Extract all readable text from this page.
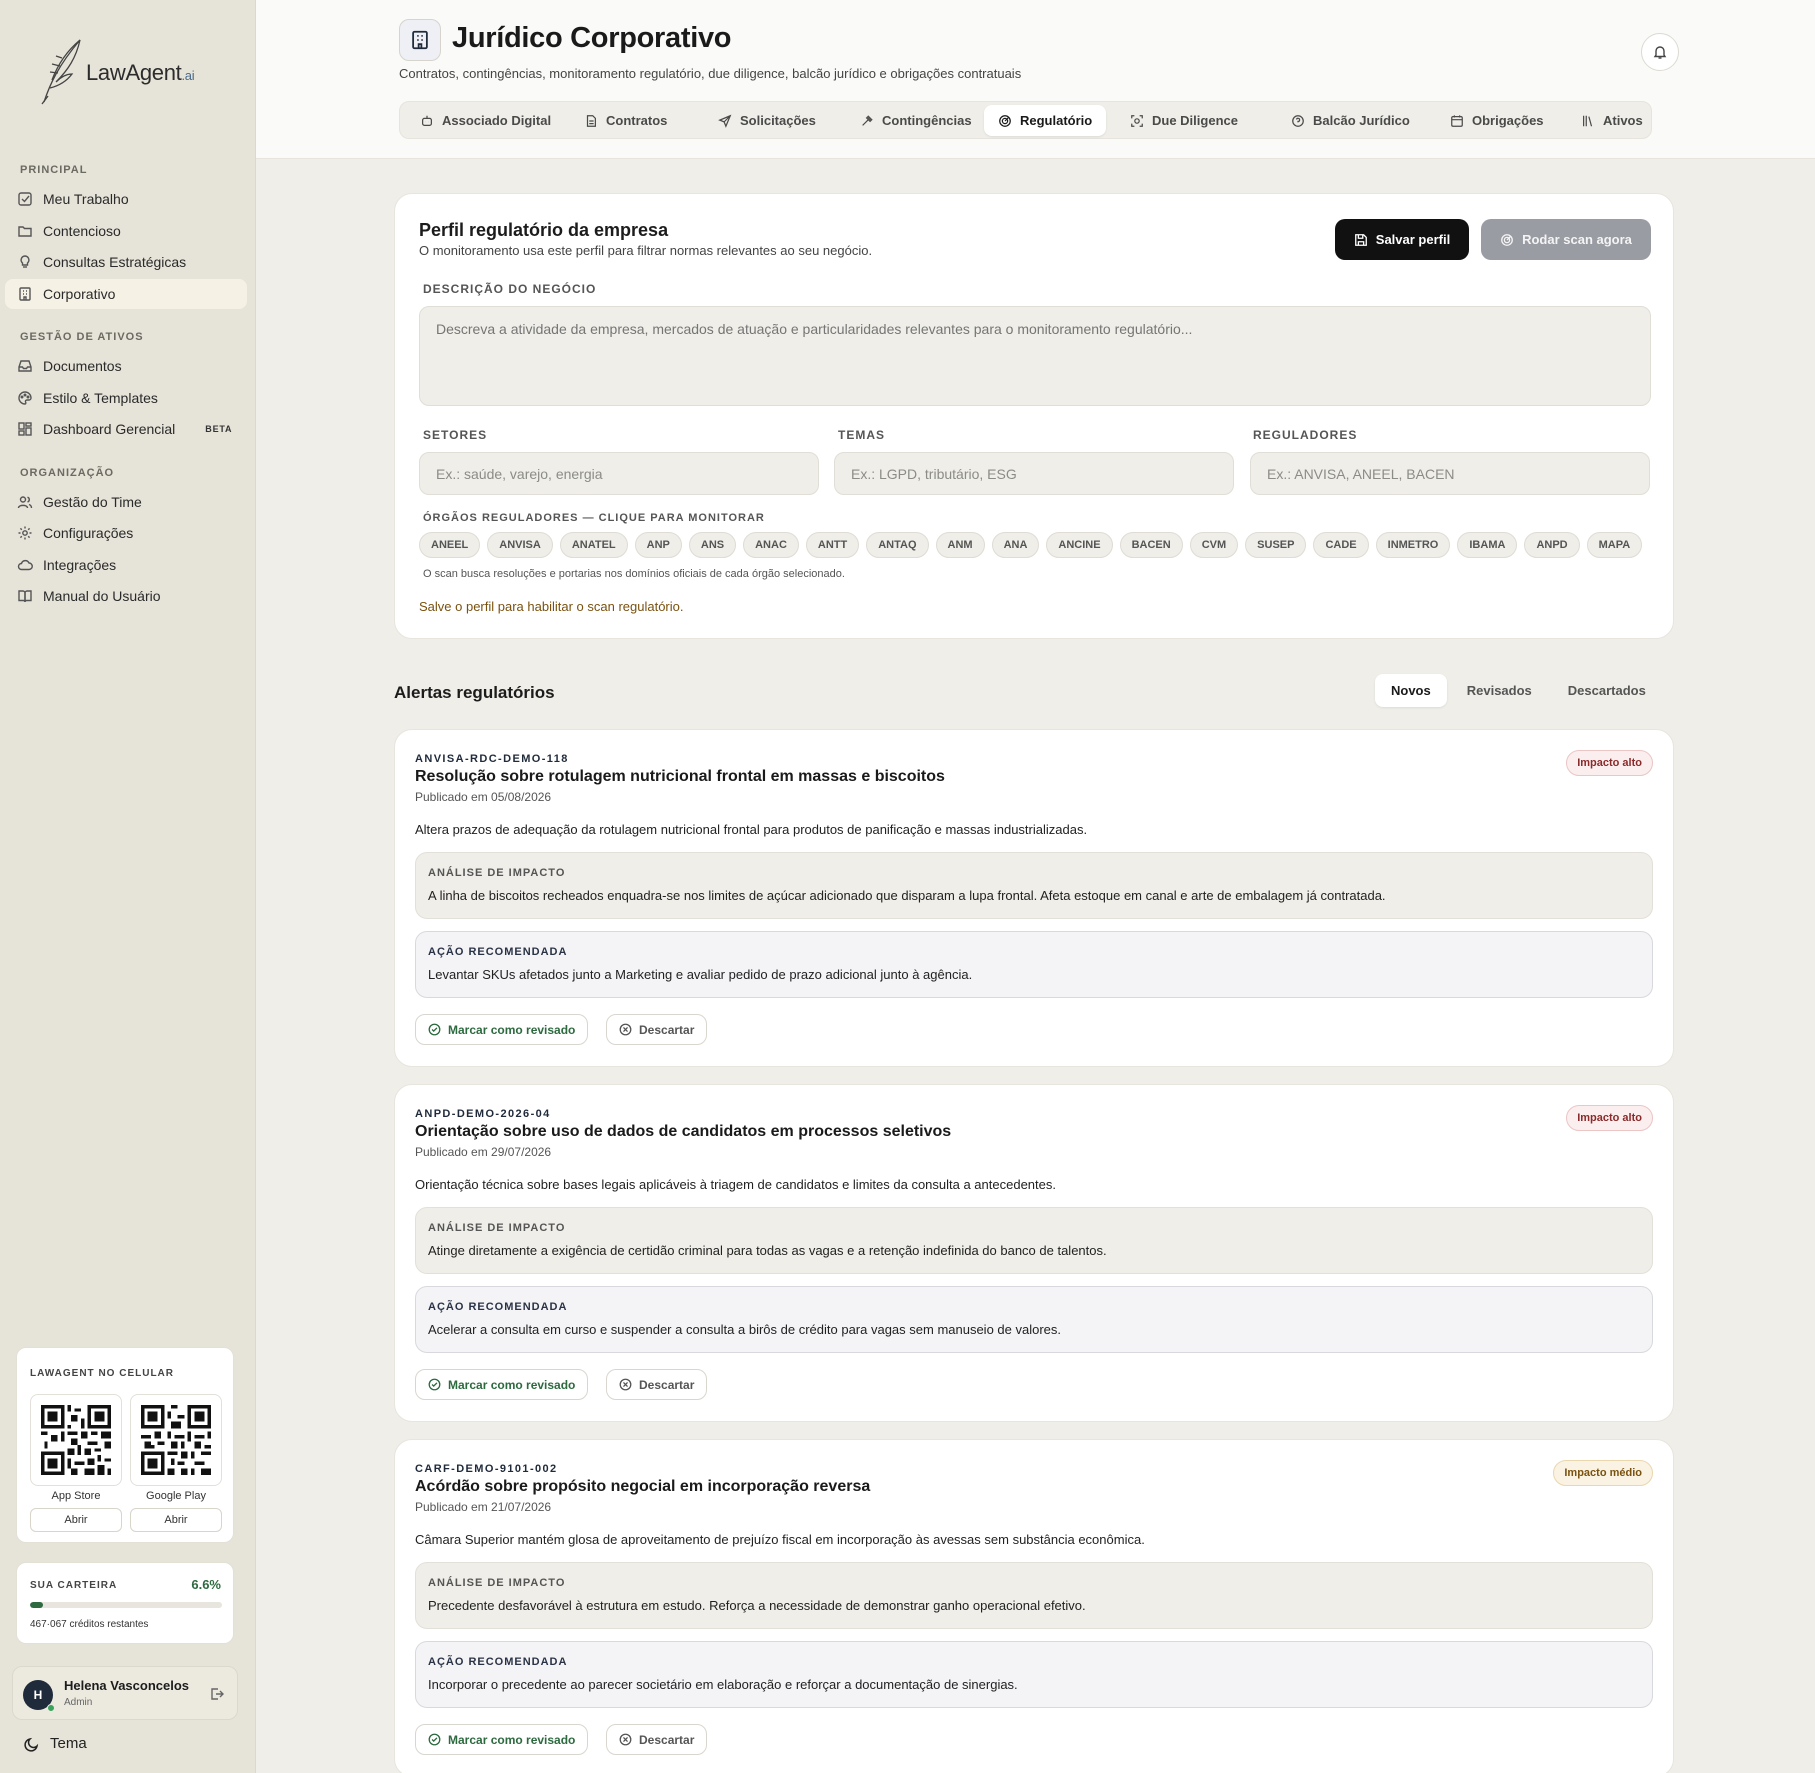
LawAgent.ai
PRINCIPAL
Meu Trabalho
Contencioso
Consultas Estratégicas
Corporativo
GESTÃO DE ATIVOS
Documentos
Estilo & Templates
Dashboard Gerencial	BETA
ORGANIZAÇÃO
Gestão do Time
Configurações
Integrações
Manual do Usuário
LAWAGENT NO CELULAR
App Store	Google Play
Abrir	Abrir
SUA CARTEIRA	6.6%
467·067 créditos restantes
H
Helena Vasconcelos
Admin
Tema
Jurídico Corporativo
Contratos, contingências, monitoramento regulatório, due diligence, balcão jurídico e obrigações contratuais
Associado Digital	Contratos	Solicitações	Contingências	Regulatório	Due Diligence	Balcão Jurídico	Obrigações	Ativos
Perfil regulatório da empresa
O monitoramento usa este perfil para filtrar normas relevantes ao seu negócio.
Salvar perfil	Rodar scan agora
DESCRIÇÃO DO NEGÓCIO
Descreva a atividade da empresa, mercados de atuação e particularidades relevantes para o monitoramento regulatório...
SETORES
Ex.: saúde, varejo, energia
TEMAS
Ex.: LGPD, tributário, ESG
REGULADORES
Ex.: ANVISA, ANEEL, BACEN
ÓRGÃOS REGULADORES — CLIQUE PARA MONITORAR
ANEEL	ANVISA	ANATEL	ANP	ANS	ANAC	ANTT	ANTAQ	ANM	ANA	ANCINE	BACEN	CVM	SUSEP	CADE	INMETRO	IBAMA	ANPD	MAPA
O scan busca resoluções e portarias nos domínios oficiais de cada órgão selecionado.
Salve o perfil para habilitar o scan regulatório.
Alertas regulatórios	Novos	Revisados	Descartados
ANVISA-RDC-DEMO-118
Resolução sobre rotulagem nutricional frontal em massas e biscoitos
Publicado em 05/08/2026
Impacto alto
Altera prazos de adequação da rotulagem nutricional frontal para produtos de panificação e massas industrializadas.
ANÁLISE DE IMPACTO
A linha de biscoitos recheados enquadra-se nos limites de açúcar adicionado que disparam a lupa frontal. Afeta estoque em canal e arte de embalagem já contratada.
AÇÃO RECOMENDADA
Levantar SKUs afetados junto a Marketing e avaliar pedido de prazo adicional junto à agência.
Marcar como revisado	Descartar
ANPD-DEMO-2026-04
Orientação sobre uso de dados de candidatos em processos seletivos
Publicado em 29/07/2026
Impacto alto
Orientação técnica sobre bases legais aplicáveis à triagem de candidatos e limites da consulta a antecedentes.
ANÁLISE DE IMPACTO
Atinge diretamente a exigência de certidão criminal para todas as vagas e a retenção indefinida do banco de talentos.
AÇÃO RECOMENDADA
Acelerar a consulta em curso e suspender a consulta a birôs de crédito para vagas sem manuseio de valores.
Marcar como revisado	Descartar
CARF-DEMO-9101-002
Acórdão sobre propósito negocial em incorporação reversa
Publicado em 21/07/2026
Impacto médio
Câmara Superior mantém glosa de aproveitamento de prejuízo fiscal em incorporação às avessas sem substância econômica.
ANÁLISE DE IMPACTO
Precedente desfavorável à estrutura em estudo. Reforça a necessidade de demonstrar ganho operacional efetivo.
AÇÃO RECOMENDADA
Incorporar o precedente ao parecer societário em elaboração e reforçar a documentação de sinergias.
Marcar como revisado	Descartar
